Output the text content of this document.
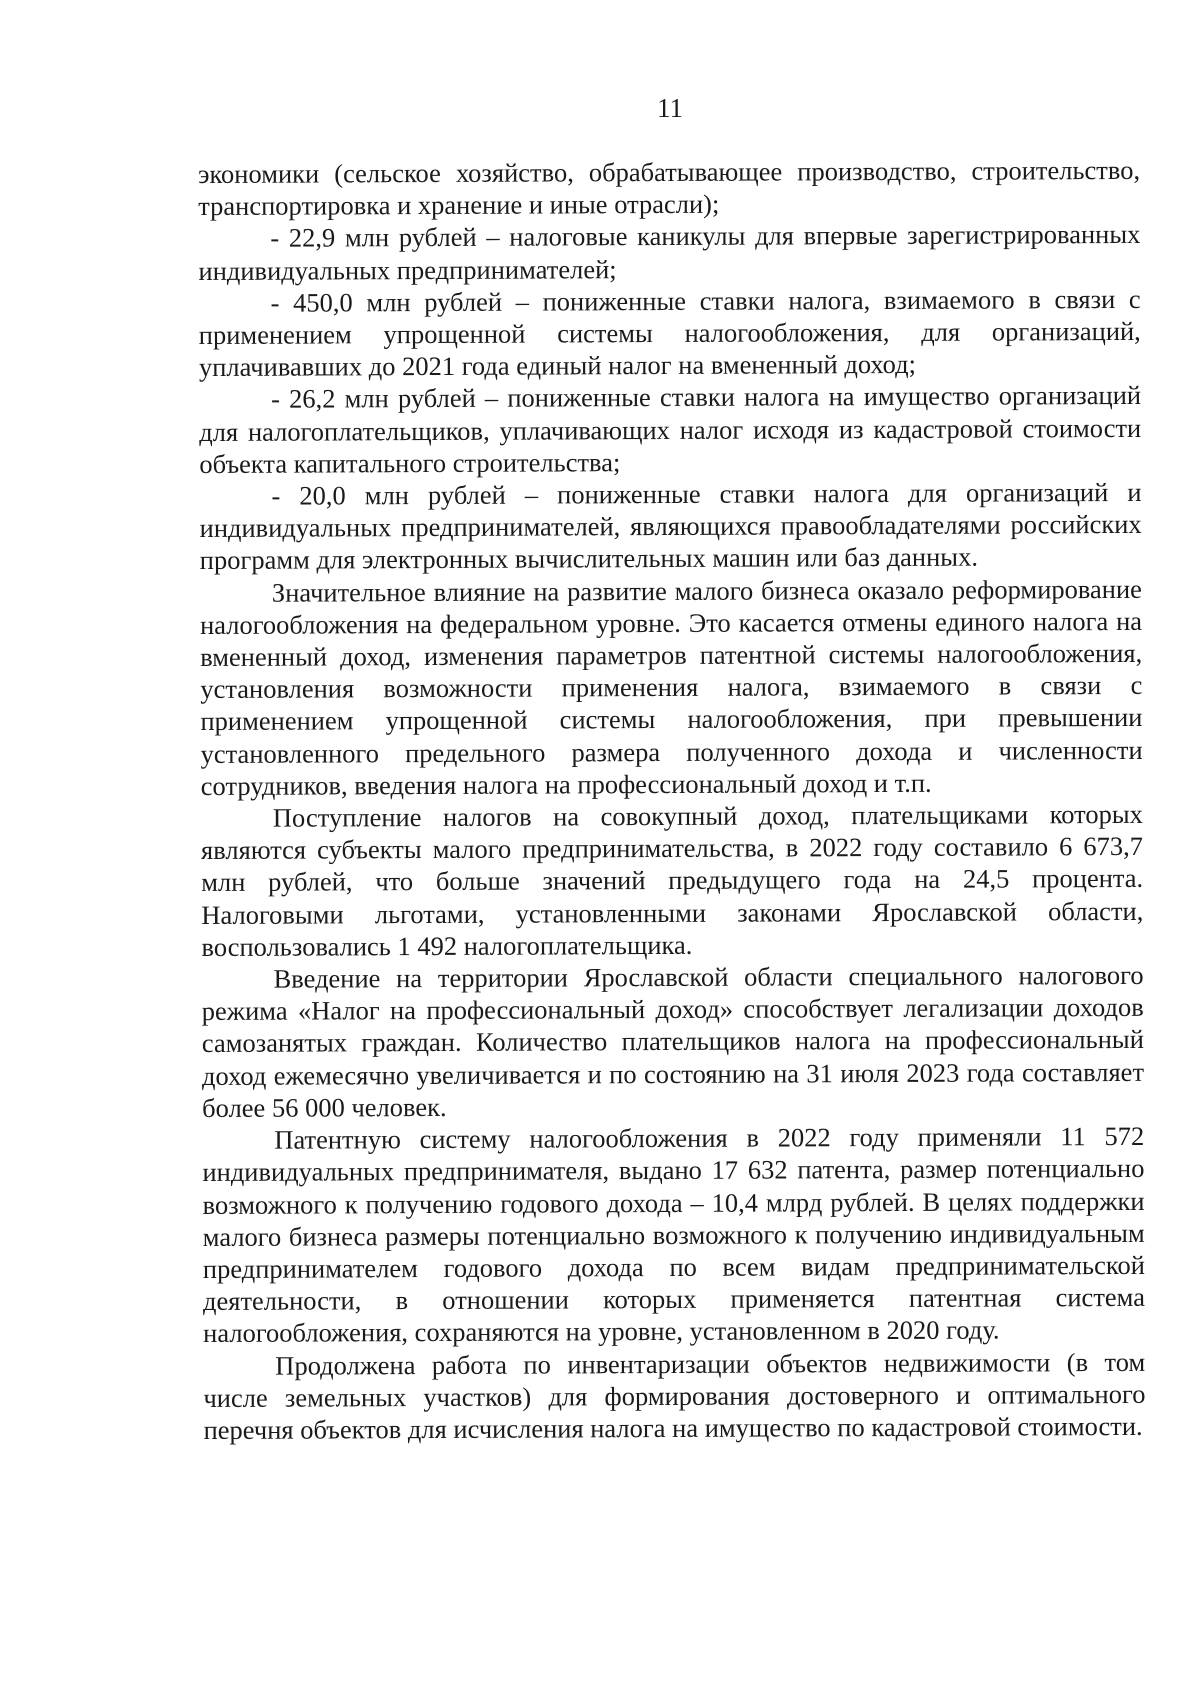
11

экономики (сельское хозяйство, обрабатывающее производство, строительство, транспортировка и хранение и иные отрасли);

- 22,9 млн рублей – налоговые каникулы для впервые зарегистрированных индивидуальных предпринимателей;

- 450,0 млн рублей – пониженные ставки налога, взимаемого в связи с применением упрощенной системы налогообложения, для организаций, уплачивавших до 2021 года единый налог на вмененный доход;

- 26,2 млн рублей – пониженные ставки налога на имущество организаций для налогоплательщиков, уплачивающих налог исходя из кадастровой стоимости объекта капитального строительства;

- 20,0 млн рублей – пониженные ставки налога для организаций и индивидуальных предпринимателей, являющихся правообладателями российских программ для электронных вычислительных машин или баз данных.

Значительное влияние на развитие малого бизнеса оказало реформирование налогообложения на федеральном уровне. Это касается отмены единого налога на вмененный доход, изменения параметров патентной системы налогообложения, установления возможности применения налога, взимаемого в связи с применением упрощенной системы налогообложения, при превышении установленного предельного размера полученного дохода и численности сотрудников, введения налога на профессиональный доход и т.п.

Поступление налогов на совокупный доход, плательщиками которых являются субъекты малого предпринимательства, в 2022 году составило 6 673,7 млн рублей, что больше значений предыдущего года на 24,5 процента. Налоговыми льготами, установленными законами Ярославской области, воспользовались 1 492 налогоплательщика.

Введение на территории Ярославской области специального налогового режима «Налог на профессиональный доход» способствует легализации доходов самозанятых граждан. Количество плательщиков налога на профессиональный доход ежемесячно увеличивается и по состоянию на 31 июля 2023 года составляет более 56 000 человек.

Патентную систему налогообложения в 2022 году применяли 11 572 индивидуальных предпринимателя, выдано 17 632 патента, размер потенциально возможного к получению годового дохода – 10,4 млрд рублей. В целях поддержки малого бизнеса размеры потенциально возможного к получению индивидуальным предпринимателем годового дохода по всем видам предпринимательской деятельности, в отношении которых применяется патентная система налогообложения, сохраняются на уровне, установленном в 2020 году.

Продолжена работа по инвентаризации объектов недвижимости (в том числе земельных участков) для формирования достоверного и оптимального перечня объектов для исчисления налога на имущество по кадастровой стоимости.
